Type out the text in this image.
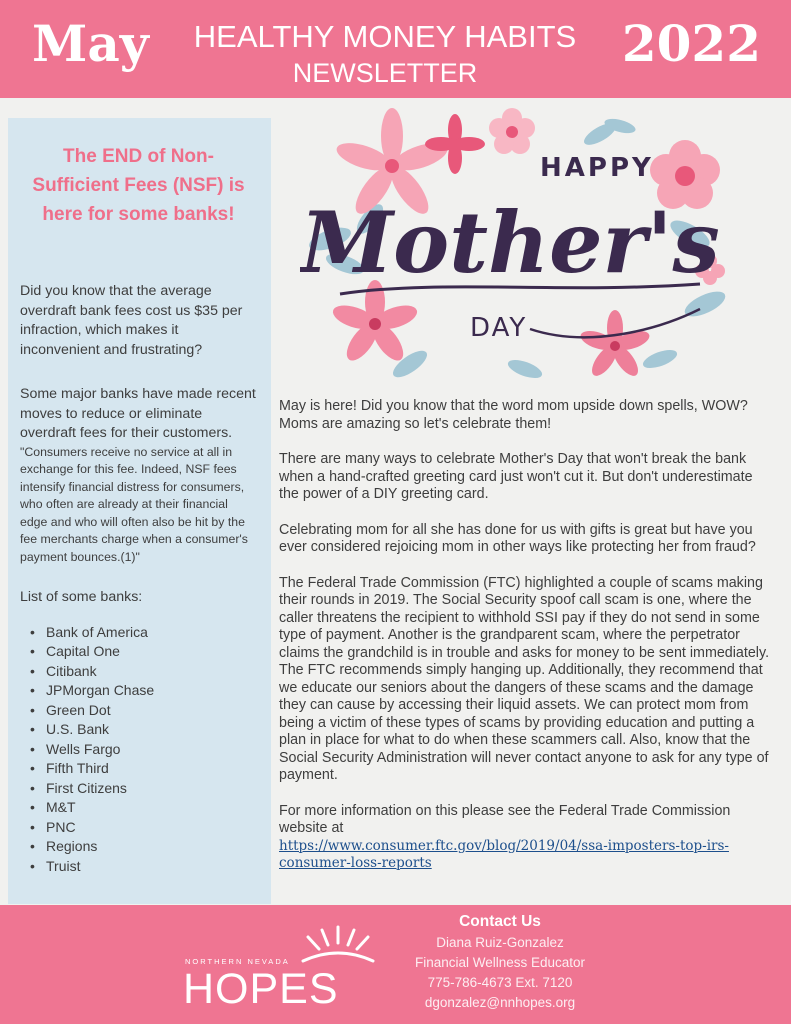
May HEALTHY MONEY HABITS
NEWSLETTER	2022
The END of Non-Sufficient Fees (NSF) is here for some banks!

Did you know that the average overdraft bank fees cost us $35 per infraction, which makes it inconvenient and frustrating?

Some major banks have made recent moves to reduce or eliminate overdraft fees for their customers.

"Consumers receive no service at all in exchange for this fee. Indeed, NSF fees intensify financial distress for consumers, who often are already at their financial edge and who will often also be hit by the fee merchants charge when a consumer's payment bounces.(1)"

List of some banks:

• Bank of America
• Capital One
• Citibank
• JPMorgan Chase
• Green Dot
• U.S. Bank
• Wells Fargo
• Fifth Third
• First Citizens
• M&T
• PNC
• Regions
• Truist
HAPPY
Mother's
DAY

May is here! Did you know that the word mom upside down spells, WOW? Moms are amazing so let's celebrate them!

There are many ways to celebrate Mother's Day that won't break the bank when a hand-crafted greeting card just won't cut it. But don't underestimate the power of a DIY greeting card.

Celebrating mom for all she has done for us with gifts is great but have you ever considered rejoicing mom in other ways like protecting her from fraud?

The Federal Trade Commission (FTC) highlighted a couple of scams making their rounds in 2019. The Social Security spoof call scam is one, where the caller threatens the recipient to withhold SSI pay if they do not send in some type of payment. Another is the grandparent scam, where the perpetrator claims the grandchild is in trouble and asks for money to be sent immediately. The FTC recommends simply hanging up. Additionally, they recommend that we educate our seniors about the dangers of these scams and the damage they can cause by accessing their liquid assets. We can protect mom from being a victim of these types of scams by providing education and putting a plan in place for what to do when these scammers call. Also, know that the Social Security Administration will never contact anyone to ask for any type of payment.

For more information on this please see the Federal Trade Commission website at

https://www.consumer.ftc.gov/blog/2019/04/ssa-imposters-top-irs-consumer-loss-reports
NORTHERN NEVADA
HOPES
Contact Us
Diana Ruiz-Gonzalez
Financial Wellness Educator
775-786-4673 Ext. 7120
dgonzalez@nnhopes.org
